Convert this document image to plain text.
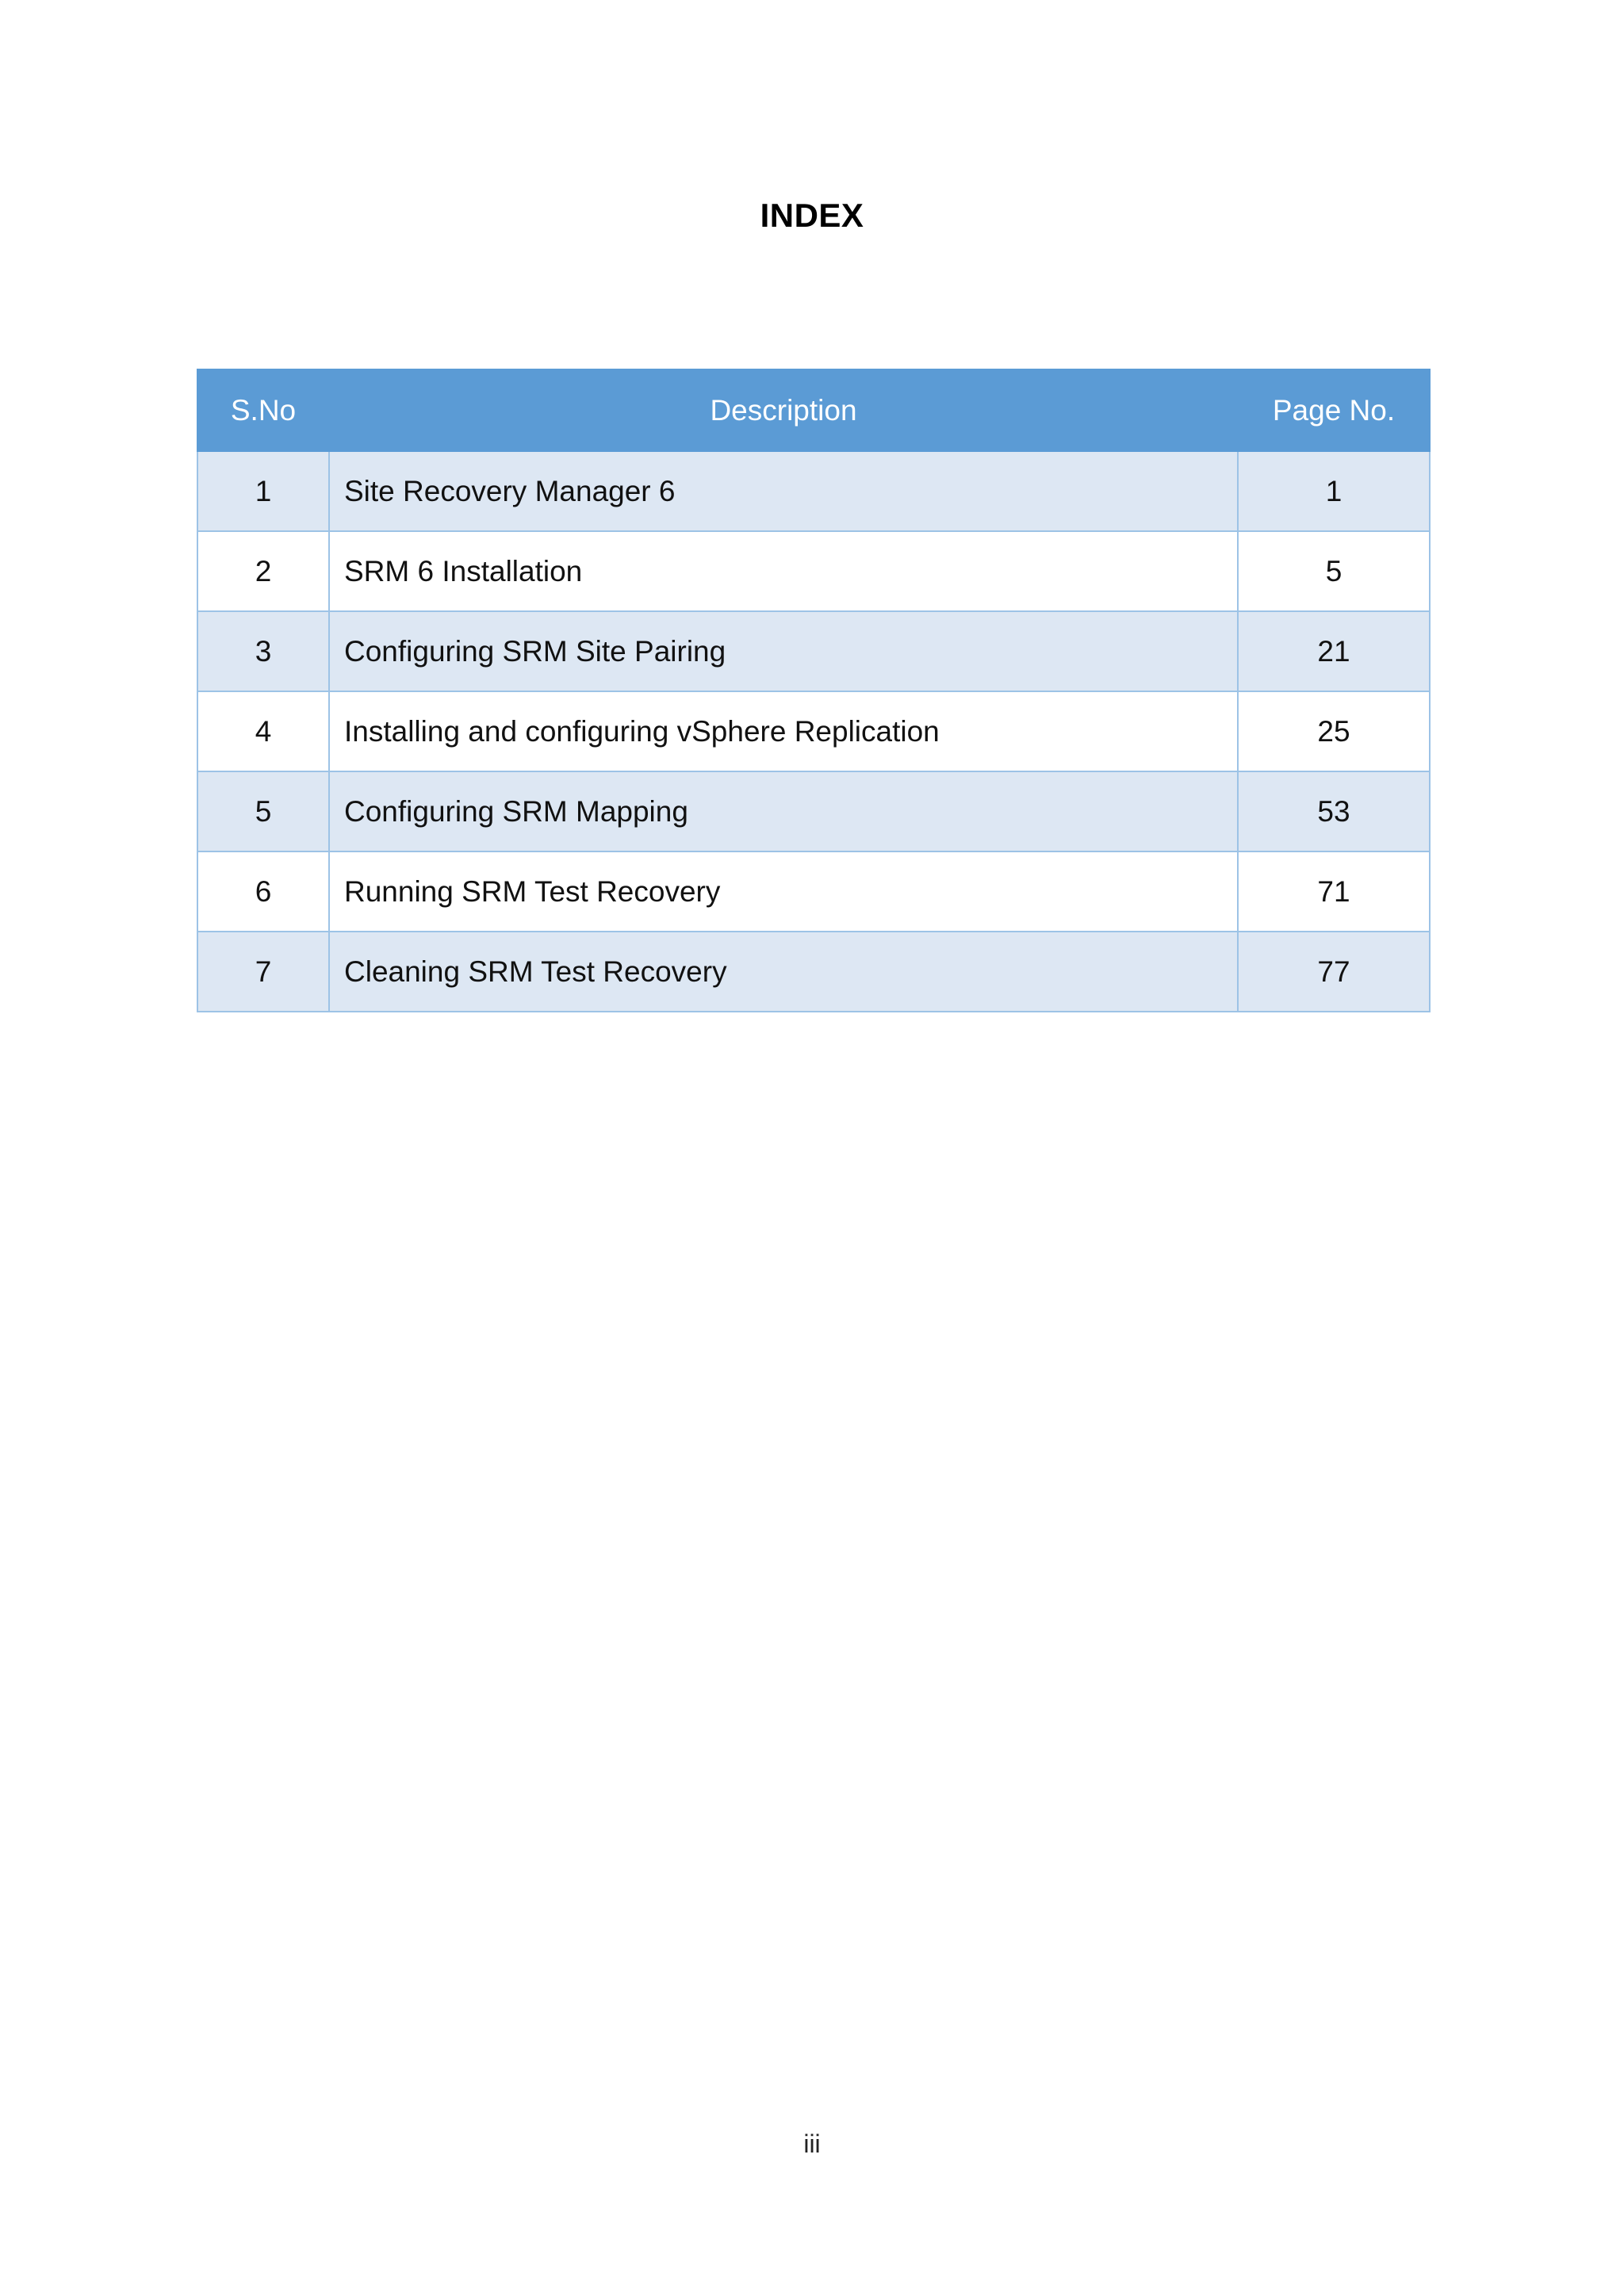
INDEX
S.No	Description	Page No.
1	Site Recovery Manager 6	1
2	SRM 6 Installation	5
3	Configuring SRM Site Pairing	21
4	Installing and configuring vSphere Replication	25
5	Configuring SRM Mapping	53
6	Running SRM Test Recovery	71
7	Cleaning SRM Test Recovery	77
iii
